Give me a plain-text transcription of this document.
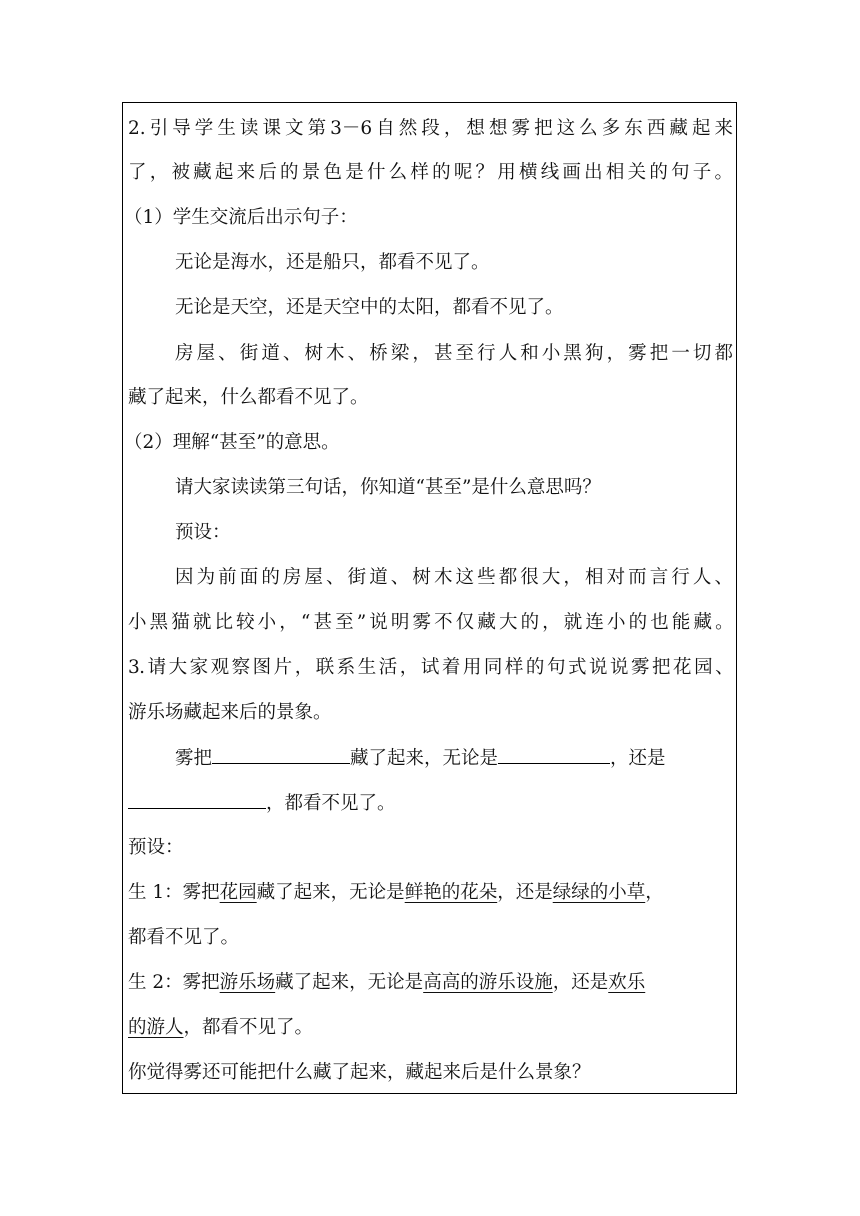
2.引导学生读课文第3－6自然段，想想雾把这么多东西藏起来
了，被藏起来后的景色是什么样的呢？用横线画出相关的句子。
（1）学生交流后出示句子：
无论是海水，还是船只，都看不见了。
无论是天空，还是天空中的太阳，都看不见了。
房屋、街道、树木、桥梁，甚至行人和小黑狗，雾把一切都
藏了起来，什么都看不见了。
（2）理解“甚至”的意思。
请大家读读第三句话，你知道“甚至”是什么意思吗？
预设：
因为前面的房屋、街道、树木这些都很大，相对而言行人、
小黑猫就比较小，“甚至”说明雾不仅藏大的，就连小的也能藏。
3.请大家观察图片，联系生活，试着用同样的句式说说雾把花园、
游乐场藏起来后的景象。
雾把	藏了起来，无论是	，还是
，都看不见了。
预设：
生 1：雾把花园藏了起来，无论是鲜艳的花朵，还是绿绿的小草，
都看不见了。
生 2：雾把游乐场藏了起来，无论是高高的游乐设施，还是欢乐
的游人，都看不见了。
你觉得雾还可能把什么藏了起来，藏起来后是什么景象？
